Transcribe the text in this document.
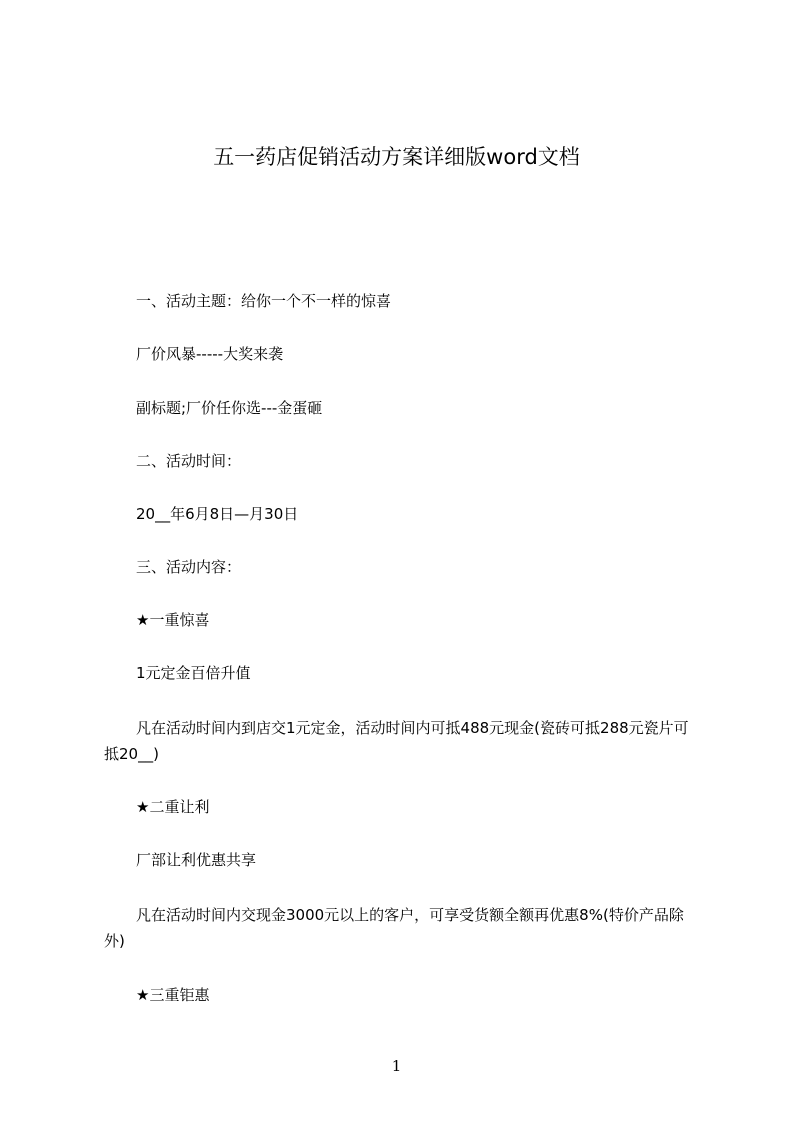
五一药店促销活动方案详细版word文档

一、活动主题：给你一个不一样的惊喜

厂价风暴-----大奖来袭

副标题;厂价任你选---金蛋砸

二、活动时间：

20__年6月8日—月30日

三、活动内容：

★一重惊喜

1元定金百倍升值

凡在活动时间内到店交1元定金，活动时间内可抵488元现金(瓷砖可抵288元瓷片可抵20__)

★二重让利

厂部让利优惠共享

凡在活动时间内交现金3000元以上的客户，可享受货额全额再优惠8%(特价产品除外)

★三重钜惠

1
